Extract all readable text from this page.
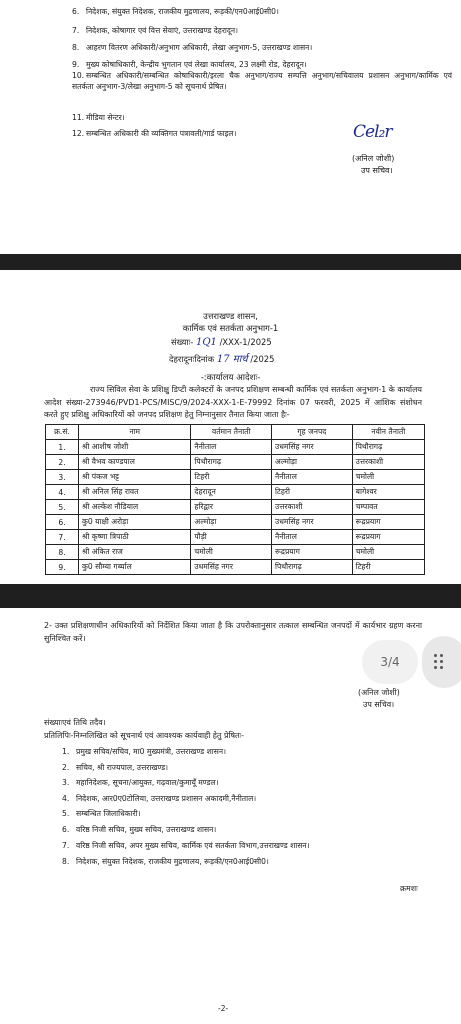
6. निदेशक, संयुक्त निदेशक, राजकीय मुद्रणालय, रूड़की/एन0आई0सी0।
7. निदेशक, कोषागार एवं वित्त सेवाएं, उत्तराखण्ड देहरादून।
8. आहरण वितरण अधिकारी/अनुभाग अधिकारी, लेखा अनुभाग-5, उत्तराखण्ड शासन।
9. मुख्य कोषाधिकारी, केन्द्रीय भुगतान एवं लेखा कार्यालय, 23 लक्ष्मी रोड, देहरादून।
10. सम्बन्धित अधिकारी/सम्बन्धित कोषाधिकारी/इरला चैक अनुभाग/राज्य सम्पत्ति अनुभाग/सचिवालय प्रशासन अनुभाग/कार्मिक एवं सतर्कता अनुभाग-3/लेखा अनुभाग-5 को सूचनार्थ प्रेषित।
11. मीडिया सेन्टर।
12. सम्बन्धित अधिकारी की व्यक्तिगत पत्रावली/गार्ड फाइल।	Cel₂r
(अनिल जोशी)
उप सचिव।
उत्तराखण्ड शासन,
कार्मिक एवं सतर्कता अनुभाग-1
संख्याः- 1Q1 /XXX-1/2025
देहरादूनःदिनांक 17 मार्च /2025
-:कार्यालय आदेशः-
राज्य सिविल सेवा के प्रशिक्षु डिप्टी कलेक्टरों के जनपद प्रशिक्षण सम्बन्धी कार्मिक एवं सतर्कता अनुभाग-1 के कार्यालय आदेश संख्या-273946/PVD1-PCS/MISC/9/2024-XXX-1-E-79992 दिनांक 07 फरवरी, 2025 में आंशिक संशोधन करते हुए प्रशिक्षु अधिकारियों को जनपद प्रशिक्षण हेतु निम्नानुसार तैनात किया जाता हैः-
क्र.सं.	नाम	वर्तमान तैनाती	गृह जनपद	नवीन तैनाती
1.	श्री आशीष जोशी	नैनीताल	उधमसिंह नगर	पिथौरागढ़
2.	श्री वैभव काण्डपाल	पिथौरागढ़	अल्मोड़ा	उत्तरकाशी
3.	श्री पंकज भट्ट	टिहरी	नैनीताल	चमोली
4.	श्री अनिल सिंह रावत	देहरादून	टिहरी	बागेश्वर
5.	श्री अल्केश नौडियाल	हरिद्वार	उत्तरकाशी	चम्पावत
6.	कु0 याक्षी अरोड़ा	अल्मोड़ा	उधमसिंह नगर	रूद्रप्रयाग
7.	श्री कृष्णा त्रिपाठी	पौड़ी	नैनीताल	रूद्रप्रयाग
8.	श्री अंकित राज	चमोली	रूद्रप्रयाग	चमोली
9.	कु0 सौम्या गर्ब्याल	उधमसिंह नगर	पिथौरागढ़	टिहरी
2- उक्त प्रशिक्षणाधीन अधिकारियों को निर्देशित किया जाता है कि उपरोक्तानुसार तत्काल सम्बन्धित जनपदों में कार्यभार ग्रहण करना सुनिश्चित करें।
3/4
(अनिल जोशी)
उप सचिव।
संख्याःएवं तिथि तदैव।
प्रतिलिपिः-निम्नलिखित को सूचनार्थ एवं आवश्यक कार्यवाही हेतु प्रेषितः-
1. प्रमुख सचिव/सचिव, मा0 मुख्यमंत्री, उत्तराखण्ड शासन।
2. सचिव, श्री राज्यपाल, उत्तराखण्ड।
3. महानिदेशक, सूचना/आयुक्त, गढ़वाल/कुमायूँ मण्डल।
4. निदेशक, आर0ए0टोलिया, उत्तराखण्ड प्रशासन अकादमी,नैनीताल।
5. सम्बन्धित जिलाधिकारी।
6. वरिष्ठ निजी सचिव, मुख्य सचिव, उत्तराखण्ड शासन।
7. वरिष्ठ निजी सचिव, अपर मुख्य सचिव, कार्मिक एवं सतर्कता विभाग,उत्तराखण्ड शासन।
8. निदेशक, संयुक्त निदेशक, राजकीय मुद्रणालय, रूड़की/एन0आई0सी0।
क्रमशः
-2-
